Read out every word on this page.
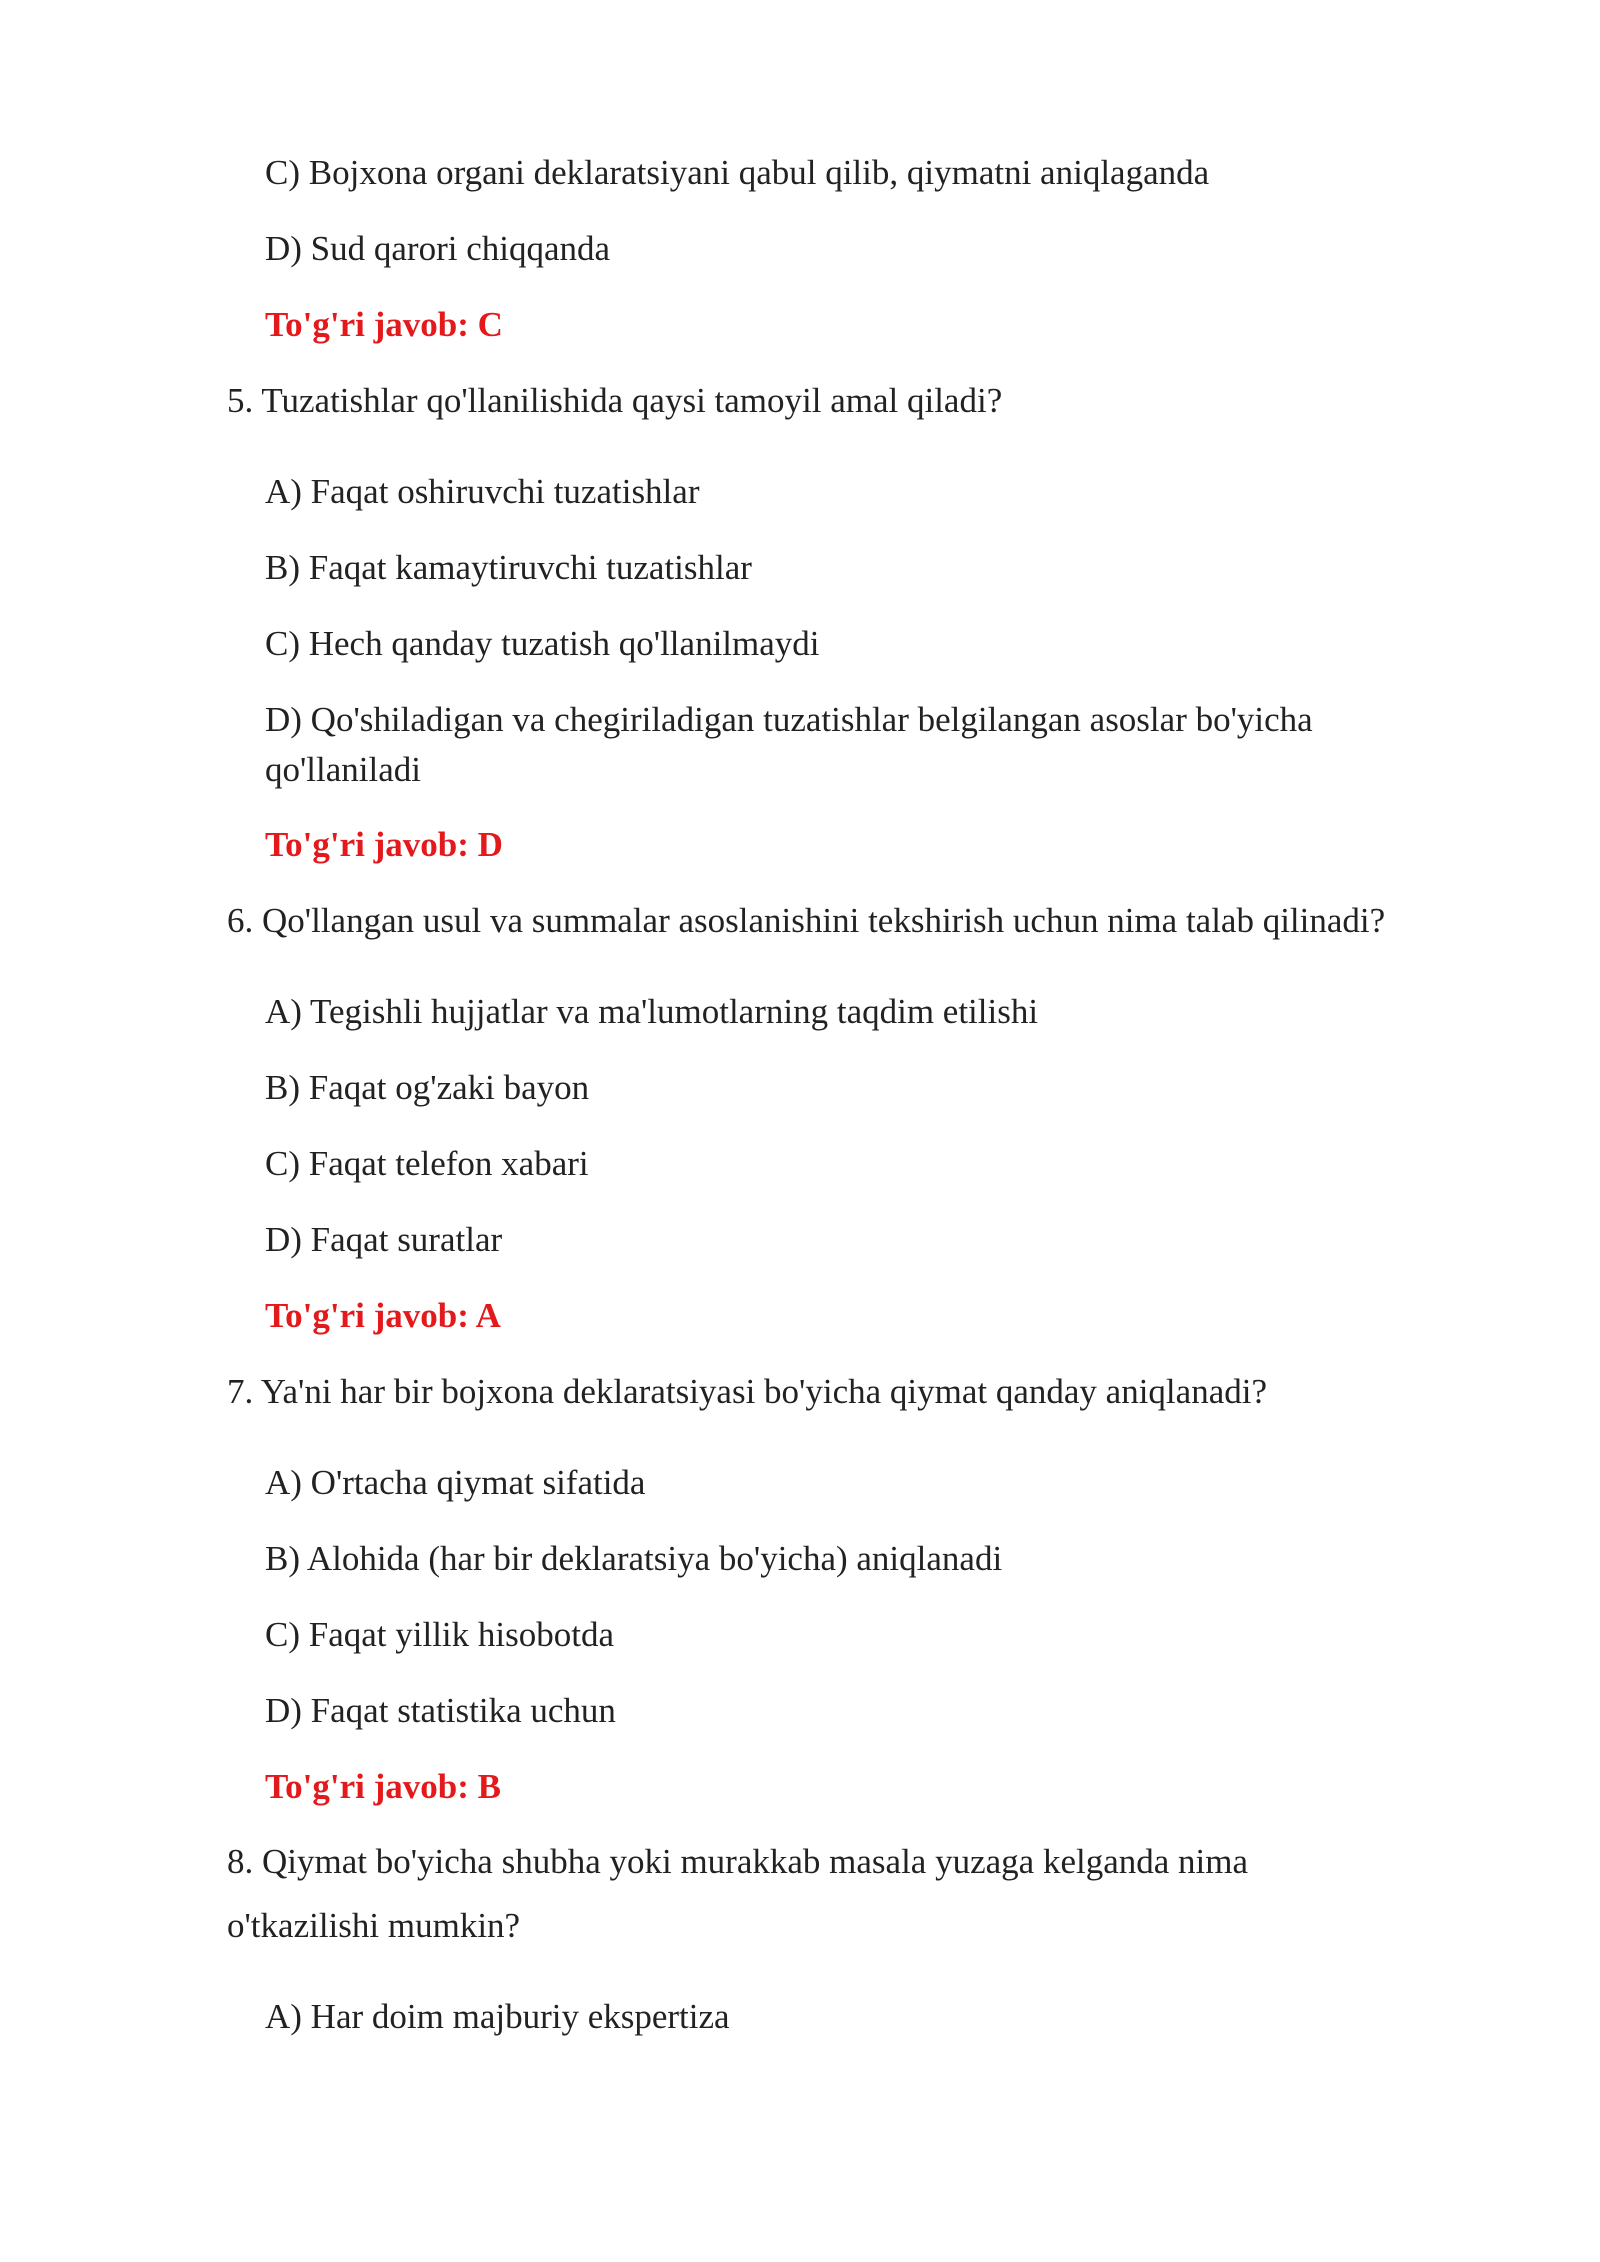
C) Bojxona organi deklaratsiyani qabul qilib, qiymatni aniqlaganda
D) Sud qarori chiqqanda
To'g'ri javob: C
5. Tuzatishlar qo'llanilishida qaysi tamoyil amal qiladi?
A) Faqat oshiruvchi tuzatishlar
B) Faqat kamaytiruvchi tuzatishlar
C) Hech qanday tuzatish qo'llanilmaydi
D) Qo'shiladigan va chegiriladigan tuzatishlar belgilangan asoslar bo'yicha qo'llaniladi
To'g'ri javob: D
6. Qo'llangan usul va summalar asoslanishini tekshirish uchun nima talab qilinadi?
A) Tegishli hujjatlar va ma'lumotlarning taqdim etilishi
B) Faqat og'zaki bayon
C) Faqat telefon xabari
D) Faqat suratlar
To'g'ri javob: A
7. Ya'ni har bir bojxona deklaratsiyasi bo'yicha qiymat qanday aniqlanadi?
A) O'rtacha qiymat sifatida
B) Alohida (har bir deklaratsiya bo'yicha) aniqlanadi
C) Faqat yillik hisobotda
D) Faqat statistika uchun
To'g'ri javob: B
8. Qiymat bo'yicha shubha yoki murakkab masala yuzaga kelganda nima
o'tkazilishi mumkin?
A) Har doim majburiy ekspertiza
